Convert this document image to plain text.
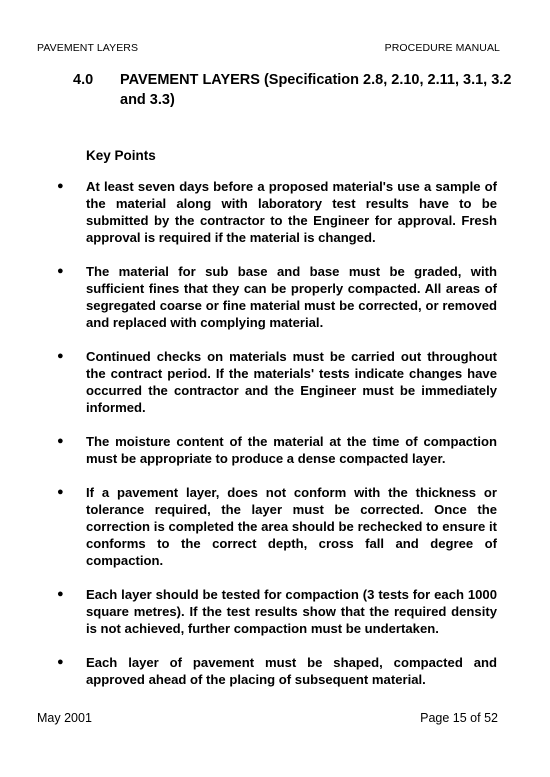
PAVEMENT LAYERS	PROCEDURE MANUAL
4.0	PAVEMENT LAYERS (Specification 2.8, 2.10, 2.11, 3.1, 3.2 and 3.3)
Key Points
●	At least seven days before a proposed material's use a sample of the material along with laboratory test results have to be submitted by the contractor to the Engineer for approval. Fresh approval is required if the material is changed.
●	The material for sub base and base must be graded, with sufficient fines that they can be properly compacted. All areas of segregated coarse or fine material must be corrected, or removed and replaced with complying material.
●	Continued checks on materials must be carried out throughout the contract period. If the materials' tests indicate changes have occurred the contractor and the Engineer must be immediately informed.
●	The moisture content of the material at the time of compaction must be appropriate to produce a dense compacted layer.
●	If a pavement layer, does not conform with the thickness or tolerance required, the layer must be corrected. Once the correction is completed the area should be rechecked to ensure it conforms to the correct depth, cross fall and degree of compaction.
●	Each layer should be tested for compaction (3 tests for each 1000 square metres). If the test results show that the required density is not achieved, further compaction must be undertaken.
●	Each layer of pavement must be shaped, compacted and approved ahead of the placing of subsequent material.
May 2001	Page 15 of 52
